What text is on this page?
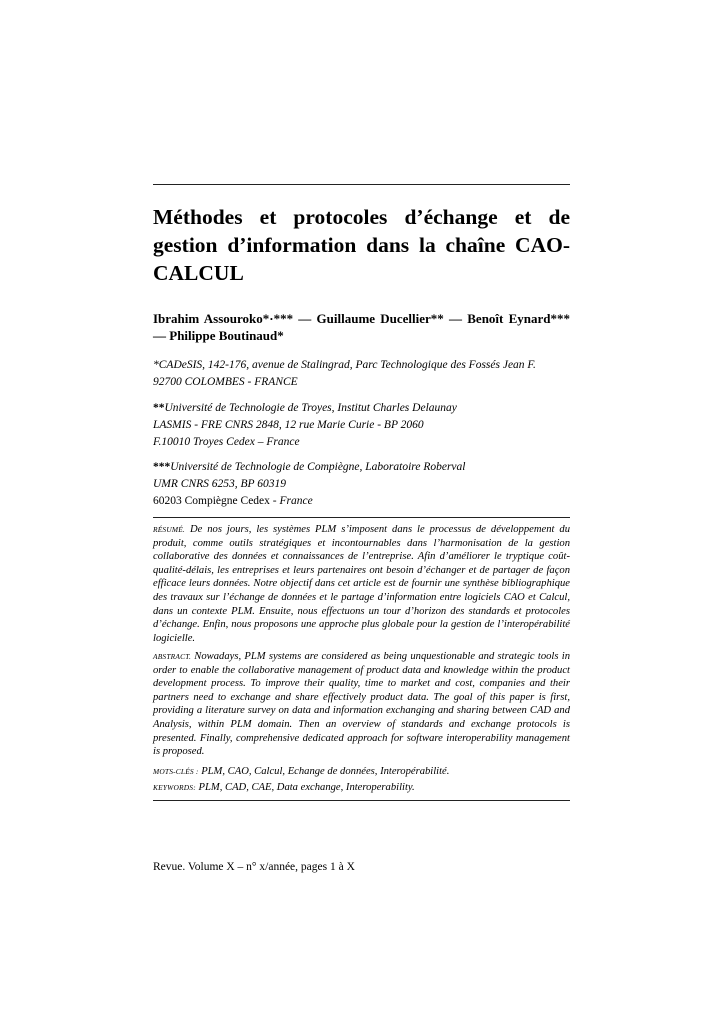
Méthodes et protocoles d’échange et de gestion d’information dans la chaîne CAO-CALCUL

Ibrahim Assouroko*·*** — Guillaume Ducellier** — Benoît Eynard*** — Philippe Boutinaud*

*CADeSIS, 142-176, avenue de Stalingrad, Parc Technologique des Fossés Jean F.
92700 COLOMBES - FRANCE
**Université de Technologie de Troyes, Institut Charles Delaunay
LASMIS - FRE CNRS 2848, 12 rue Marie Curie - BP 2060
F.10010 Troyes Cedex – France
***Université de Technologie de Compiègne, Laboratoire Roberval
UMR CNRS 6253, BP 60319
60203 Compiègne Cedex - France

RÉSUMÉ. De nos jours, les systèmes PLM s’imposent dans le processus de développement du produit, comme outils stratégiques et incontournables dans l’harmonisation de la gestion collaborative des données et connaissances de l’entreprise. Afin d’améliorer le tryptique coût-qualité-délais, les entreprises et leurs partenaires ont besoin d’échanger et de partager de façon efficace leurs données. Notre objectif dans cet article est de fournir une synthèse bibliographique des travaux sur l’échange de données et le partage d’information entre logiciels CAO et Calcul, dans un contexte PLM. Ensuite, nous effectuons un tour d’horizon des standards et protocoles d’échange. Enfin, nous proposons une approche plus globale pour la gestion de l’interopérabilité logicielle.

ABSTRACT. Nowadays, PLM systems are considered as being unquestionable and strategic tools in order to enable the collaborative management of product data and knowledge within the product development process. To improve their quality, time to market and cost, companies and their partners need to exchange and share effectively product data. The goal of this paper is first, providing a literature survey on data and information exchanging and sharing between CAD and Analysis, within PLM domain. Then an overview of standards and exchange protocols is presented. Finally, comprehensive dedicated approach for software interoperability management is proposed.

MOTS-CLÉS : PLM, CAO, Calcul, Echange de données, Interopérabilité.

KEYWORDS: PLM, CAD, CAE, Data exchange, Interoperability.

Revue. Volume X – n° x/année, pages 1 à X
